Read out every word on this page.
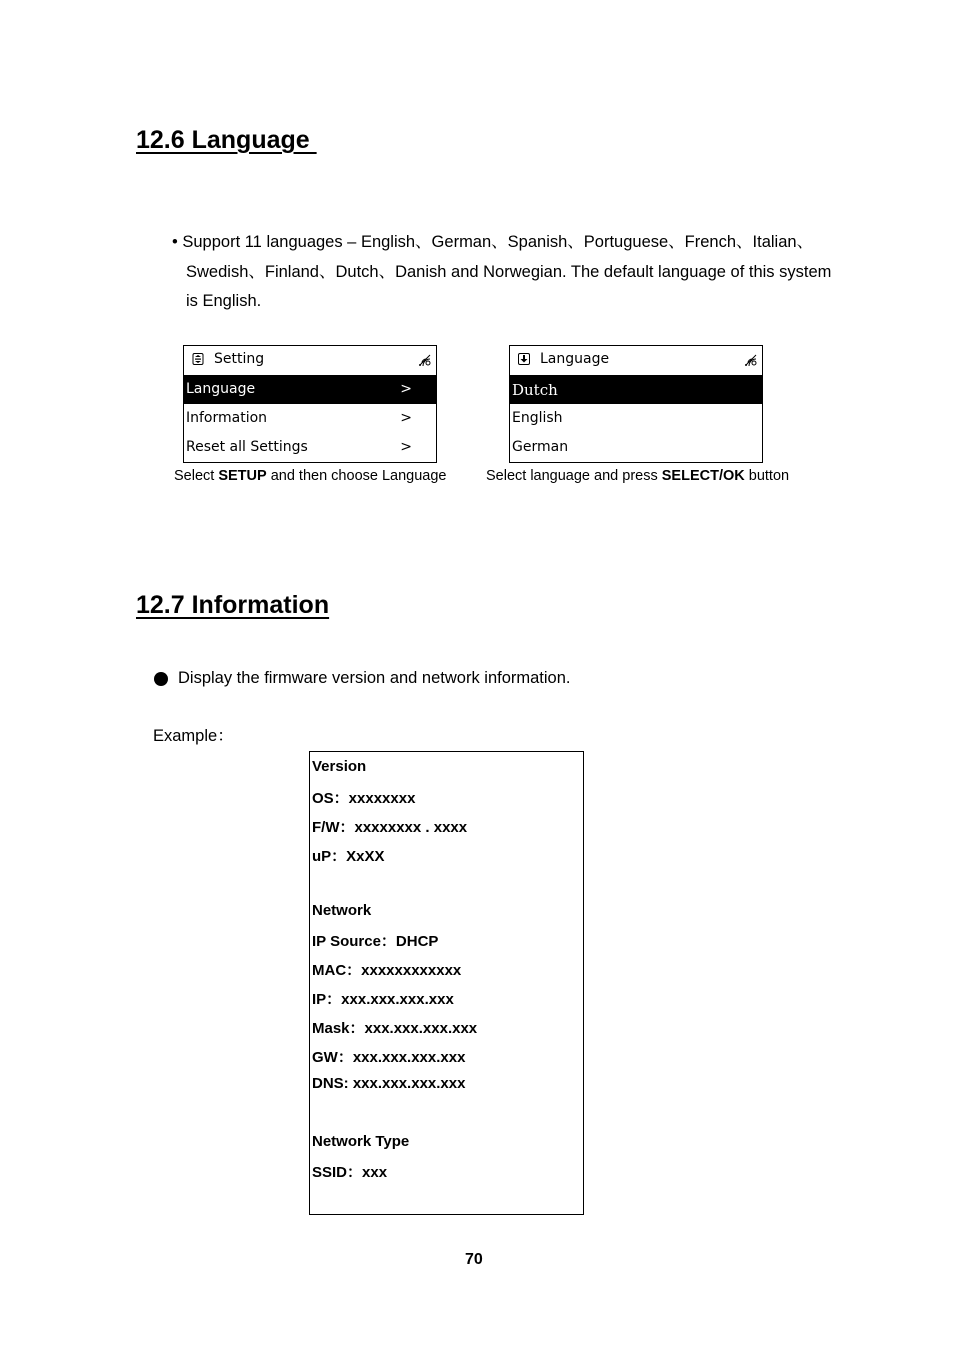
12.6 Language
• Support 11 languages – English、German、Spanish、Portuguese、French、Italian、
Swedish、Finland、Dutch、Danish and Norwegian. The default language of this system
is English.
Setting
Language	>
Information	>
Reset all Settings	>
Language
Dutch
English
German
Select SETUP and then choose Language	Select language and press SELECT/OK button
12.7 Information
Display the firmware version and network information.
Example：
Version
OS：xxxxxxxx
F/W：xxxxxxxx . xxxx
uP：XxXX
Network
IP Source：DHCP
MAC：xxxxxxxxxxxx
IP：xxx.xxx.xxx.xxx
Mask：xxx.xxx.xxx.xxx
GW：xxx.xxx.xxx.xxx
DNS: xxx.xxx.xxx.xxx
Network Type
SSID：xxx
70
